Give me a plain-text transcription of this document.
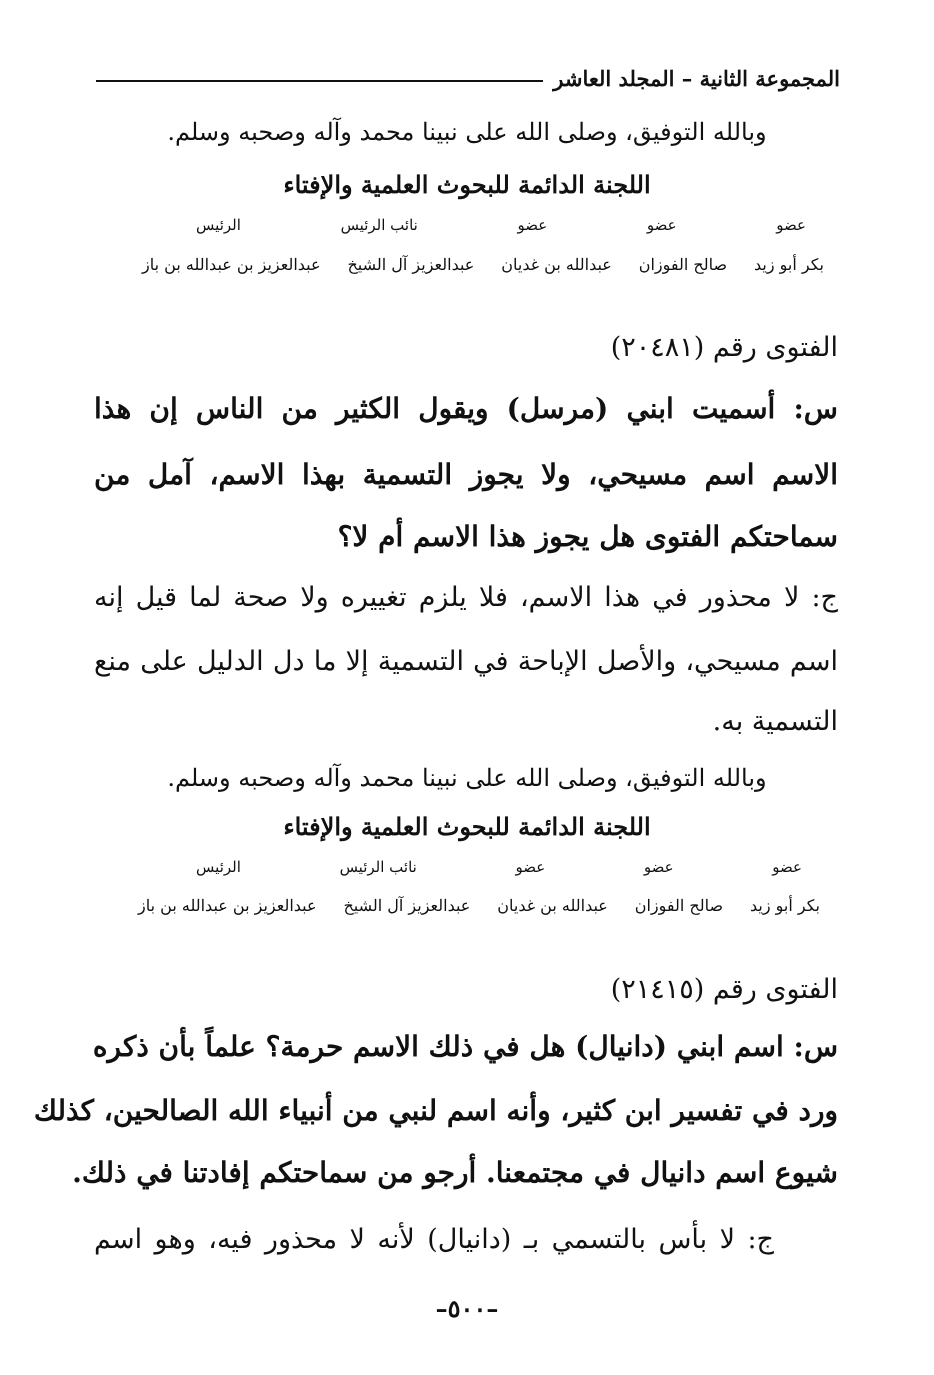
المجموعة الثانية – المجلد العاشر
وبالله التوفيق، وصلى الله على نبينا محمد وآله وصحبه وسلم.
اللجنة الدائمة للبحوث العلمية والإفتاء
عضو
عضو
عضو
نائب الرئيس
الرئيس
بكر أبو زيد
صالح الفوزان
عبدالله بن غديان
عبدالعزيز آل الشيخ
عبدالعزيز بن عبدالله بن باز
الفتوى رقم (٢٠٤٨١)
س: أسميت ابني (مرسل) ويقول الكثير من الناس إن هذا
الاسم اسم مسيحي، ولا يجوز التسمية بهذا الاسم، آمل من
سماحتكم الفتوى هل يجوز هذا الاسم أم لا؟
ج: لا محذور في هذا الاسم، فلا يلزم تغييره ولا صحة لما قيل إنه
اسم مسيحي، والأصل الإباحة في التسمية إلا ما دل الدليل على منع
التسمية به.
وبالله التوفيق، وصلى الله على نبينا محمد وآله وصحبه وسلم.
اللجنة الدائمة للبحوث العلمية والإفتاء
عضو
عضو
عضو
نائب الرئيس
الرئيس
بكر أبو زيد
صالح الفوزان
عبدالله بن غديان
عبدالعزيز آل الشيخ
عبدالعزيز بن عبدالله بن باز
الفتوى رقم (٢١٤١٥)
س: اسم ابني (دانيال) هل في ذلك الاسم حرمة؟ علماً بأن ذكره
ورد في تفسير ابن كثير، وأنه اسم لنبي من أنبياء الله الصالحين، كذلك
شيوع اسم دانيال في مجتمعنا. أرجو من سماحتكم إفادتنا في ذلك.
ج: لا بأس بالتسمي بـ (دانيال) لأنه لا محذور فيه، وهو اسم
–٥٠٠–
